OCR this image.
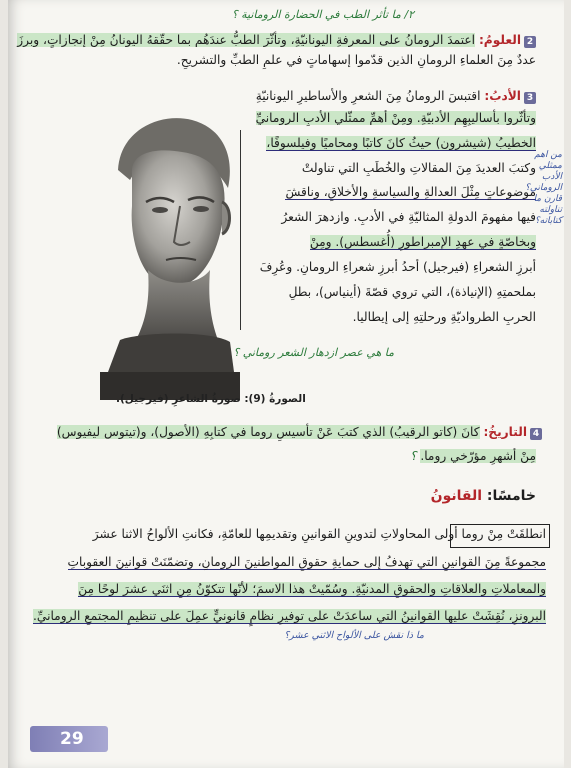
٢/ ما تأثر الطب في الحضارة الرومانية ؟
2العلومُ: اعتمدَ الرومانُ على المعرفةِ اليونانيّةِ، وتأثّرَ الطبُّ عندَهُم بما حقّقهُ اليونانُ مِنْ إنجازاتٍ، وبرزَ
عددٌ مِنَ العلماءِ الرومانِ الذين قدّموا إسهاماتٍ في علمِ الطبِّ والتشريحِ.
3الأدبُ: اقتبسَ الرومانُ مِنَ الشعرِ والأساطيرِ اليونانيّةِ
وتأثّروا بأساليبِهِم الأدبيّةِ. ومِنْ أهمِّ ممثّلي الأدبِ الرومانيِّ
الخطيبُ (شيشرون) حيثُ كانَ كاتبًا ومحاميًا وفيلسوفًا،
وكتبَ العديدَ مِنَ المقالاتِ والخُطَبِ التي تناولتْ
موضوعاتٍ مِثْلَ العدالةِ والسياسةِ والأخلاقِ، وناقشَ
فيها مفهومَ الدولةِ المثاليّةِ في الأدبِ. وازدهرَ الشعرُ
وبخاصّةٍ في عهدِ الإمبراطورِ (أُغسطس). ومِنْ
أبرزِ الشعراءِ (فيرجيل) أحدُ أبرزِ شعراءِ الرومانِ. وعُرِفَ
بملحمتِهِ (الإنياذة)، التي تروي قصّةَ (أينياس)، بطلِ
الحربِ الطرواديّةِ ورحلتِهِ إلى إيطاليا.
من اهم ممثلي الأدب الروماني؟ قارن ما تناولته كتاباته؟
ما هي عصر ازدهار الشعر روماني ؟
الصورةُ (9): صورةُ الشاعرِ (فيرجيل).
4التاريخُ: كانَ (كاتو الرقيبُ) الذي كتبَ عَنْ تأسيسِ روما في كتابِهِ (الأصول)، و(تيتوس ليفيوس)
مِنْ أشهرِ مؤرّخي روما. ؟
خامسًا: القانونُ
انطلقَتْ مِنْ روما أولى المحاولاتِ لتدوينِ القوانينِ وتقديمِها للعامّةِ، فكانتِ الألواحُ الاثنا عشرَ
مجموعةً مِنَ القوانينِ التي تهدفُ إلى حمايةِ حقوقِ المواطنينَ الرومانِ، وتضمّنَتْ قوانينَ العقوباتِ
والمعاملاتِ والعلاقاتِ والحقوقِ المدنيّةِ. وسُمّيتْ هذا الاسمَ؛ لأنّها تتكوّنُ مِنِ اثنَي عشرَ لوحًا مِنَ
البرونزِ، نُقِشَتْ عليها القوانينُ التي ساعدَتْ على توفيرِ نظامٍ قانونيٍّ عمِلَ على تنظيمِ المجتمعِ الرومانيِّ.
ما ذا نقش على الألواح الاثني عشر؟
29
